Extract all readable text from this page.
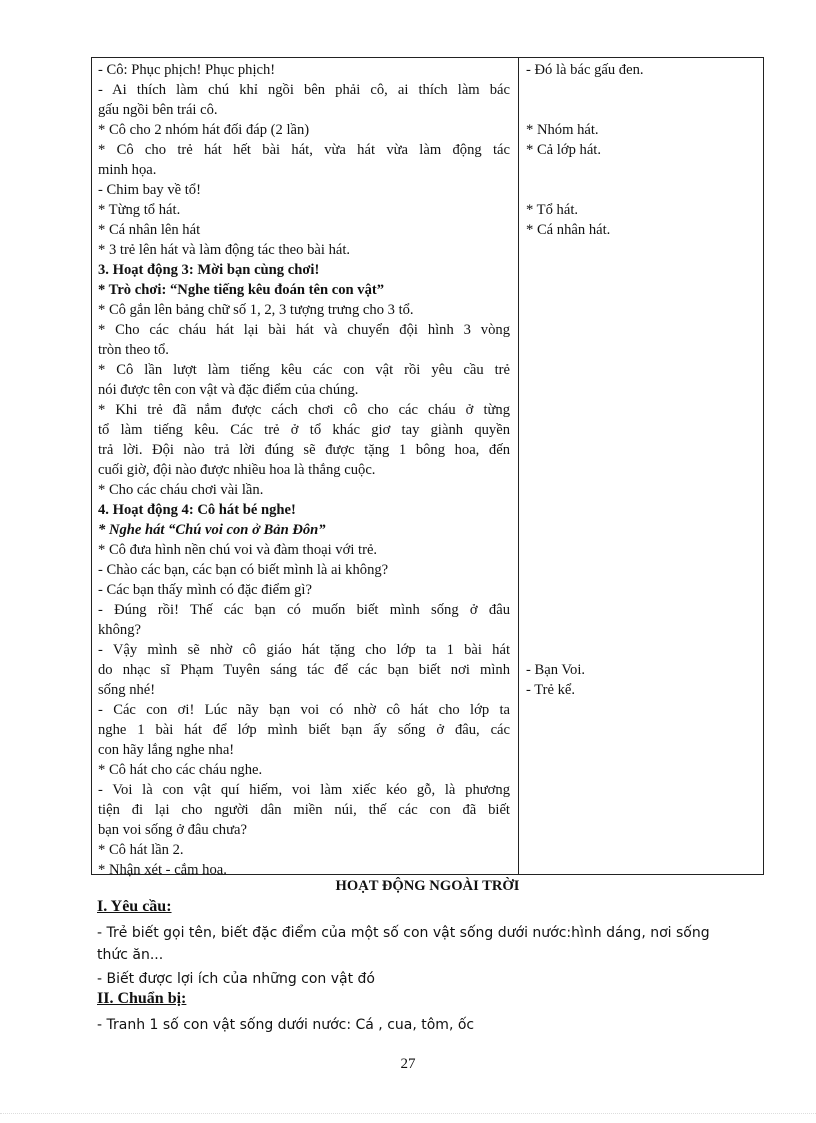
- Cô: Phục phịch! Phục phịch!
- Ai thích làm chú khỉ ngồi bên phải cô, ai thích làm bác
gấu ngồi bên trái cô.
* Cô cho 2 nhóm hát đối đáp (2 lần)
* Cô cho trẻ hát hết bài hát, vừa hát vừa làm động tác
minh họa.
- Chim bay về tổ!
* Từng tổ hát.
* Cá nhân lên hát
* 3 trẻ lên hát và làm động tác theo bài hát.
3. Hoạt động 3: Mời bạn cùng chơi!
* Trò chơi: “Nghe tiếng kêu đoán tên con vật”
* Cô gắn lên bảng chữ số 1, 2, 3 tượng trưng cho 3 tổ.
* Cho các cháu hát lại bài hát và chuyển đội hình 3 vòng
tròn theo tổ.
* Cô lần lượt làm tiếng kêu các con vật rồi yêu cầu trẻ
nói được tên con vật và đặc điểm của chúng.
* Khi trẻ đã nắm được cách chơi cô cho các cháu ở từng
tổ làm tiếng kêu. Các trẻ ở tổ khác giơ tay giành quyền
trả lời. Đội nào trả lời đúng sẽ được tặng 1 bông hoa, đến
cuối giờ, đội nào được nhiều hoa là thắng cuộc.
* Cho các cháu chơi vài lần.
4. Hoạt động 4: Cô hát bé nghe!
* Nghe hát “Chú voi con ở Bản Đôn”
* Cô đưa hình nền chú voi và đàm thoại với trẻ.
- Chào các bạn, các bạn có biết mình là ai không?
- Các bạn thấy mình có đặc điểm gì?
- Đúng rồi! Thế các bạn có muốn biết mình sống ở đâu
không?
- Vậy mình sẽ nhờ cô giáo hát tặng cho lớp ta 1 bài hát
do nhạc sĩ Phạm Tuyên sáng tác để các bạn biết nơi mình
sống nhé!
- Các con ơi! Lúc nãy bạn voi có nhờ cô hát cho lớp ta
nghe 1 bài hát để lớp mình biết bạn ấy sống ở đâu, các
con hãy lắng nghe nha!
* Cô hát cho các cháu nghe.
- Voi là con vật quí hiếm, voi làm xiếc kéo gỗ, là phương
tiện đi lại cho người dân miền núi, thế các con đã biết
bạn voi sống ở đâu chưa?
* Cô hát lần 2.
* Nhận xét - cắm hoa.
- Đó là bác gấu đen.
* Nhóm hát.
* Cả lớp hát.
* Tổ hát.
* Cá nhân hát.
- Bạn Voi.
- Trẻ kể.
HOẠT ĐỘNG NGOÀI TRỜI
I. Yêu cầu:
- Trẻ biết gọi tên, biết đặc điểm của một số con vật sống dưới nước:hình dáng, nơi sống
thức ăn...
- Biết được lợi ích của những con vật đó
II. Chuẩn bị:
- Tranh 1 số con vật sống dưới nước: Cá , cua, tôm, ốc
27
